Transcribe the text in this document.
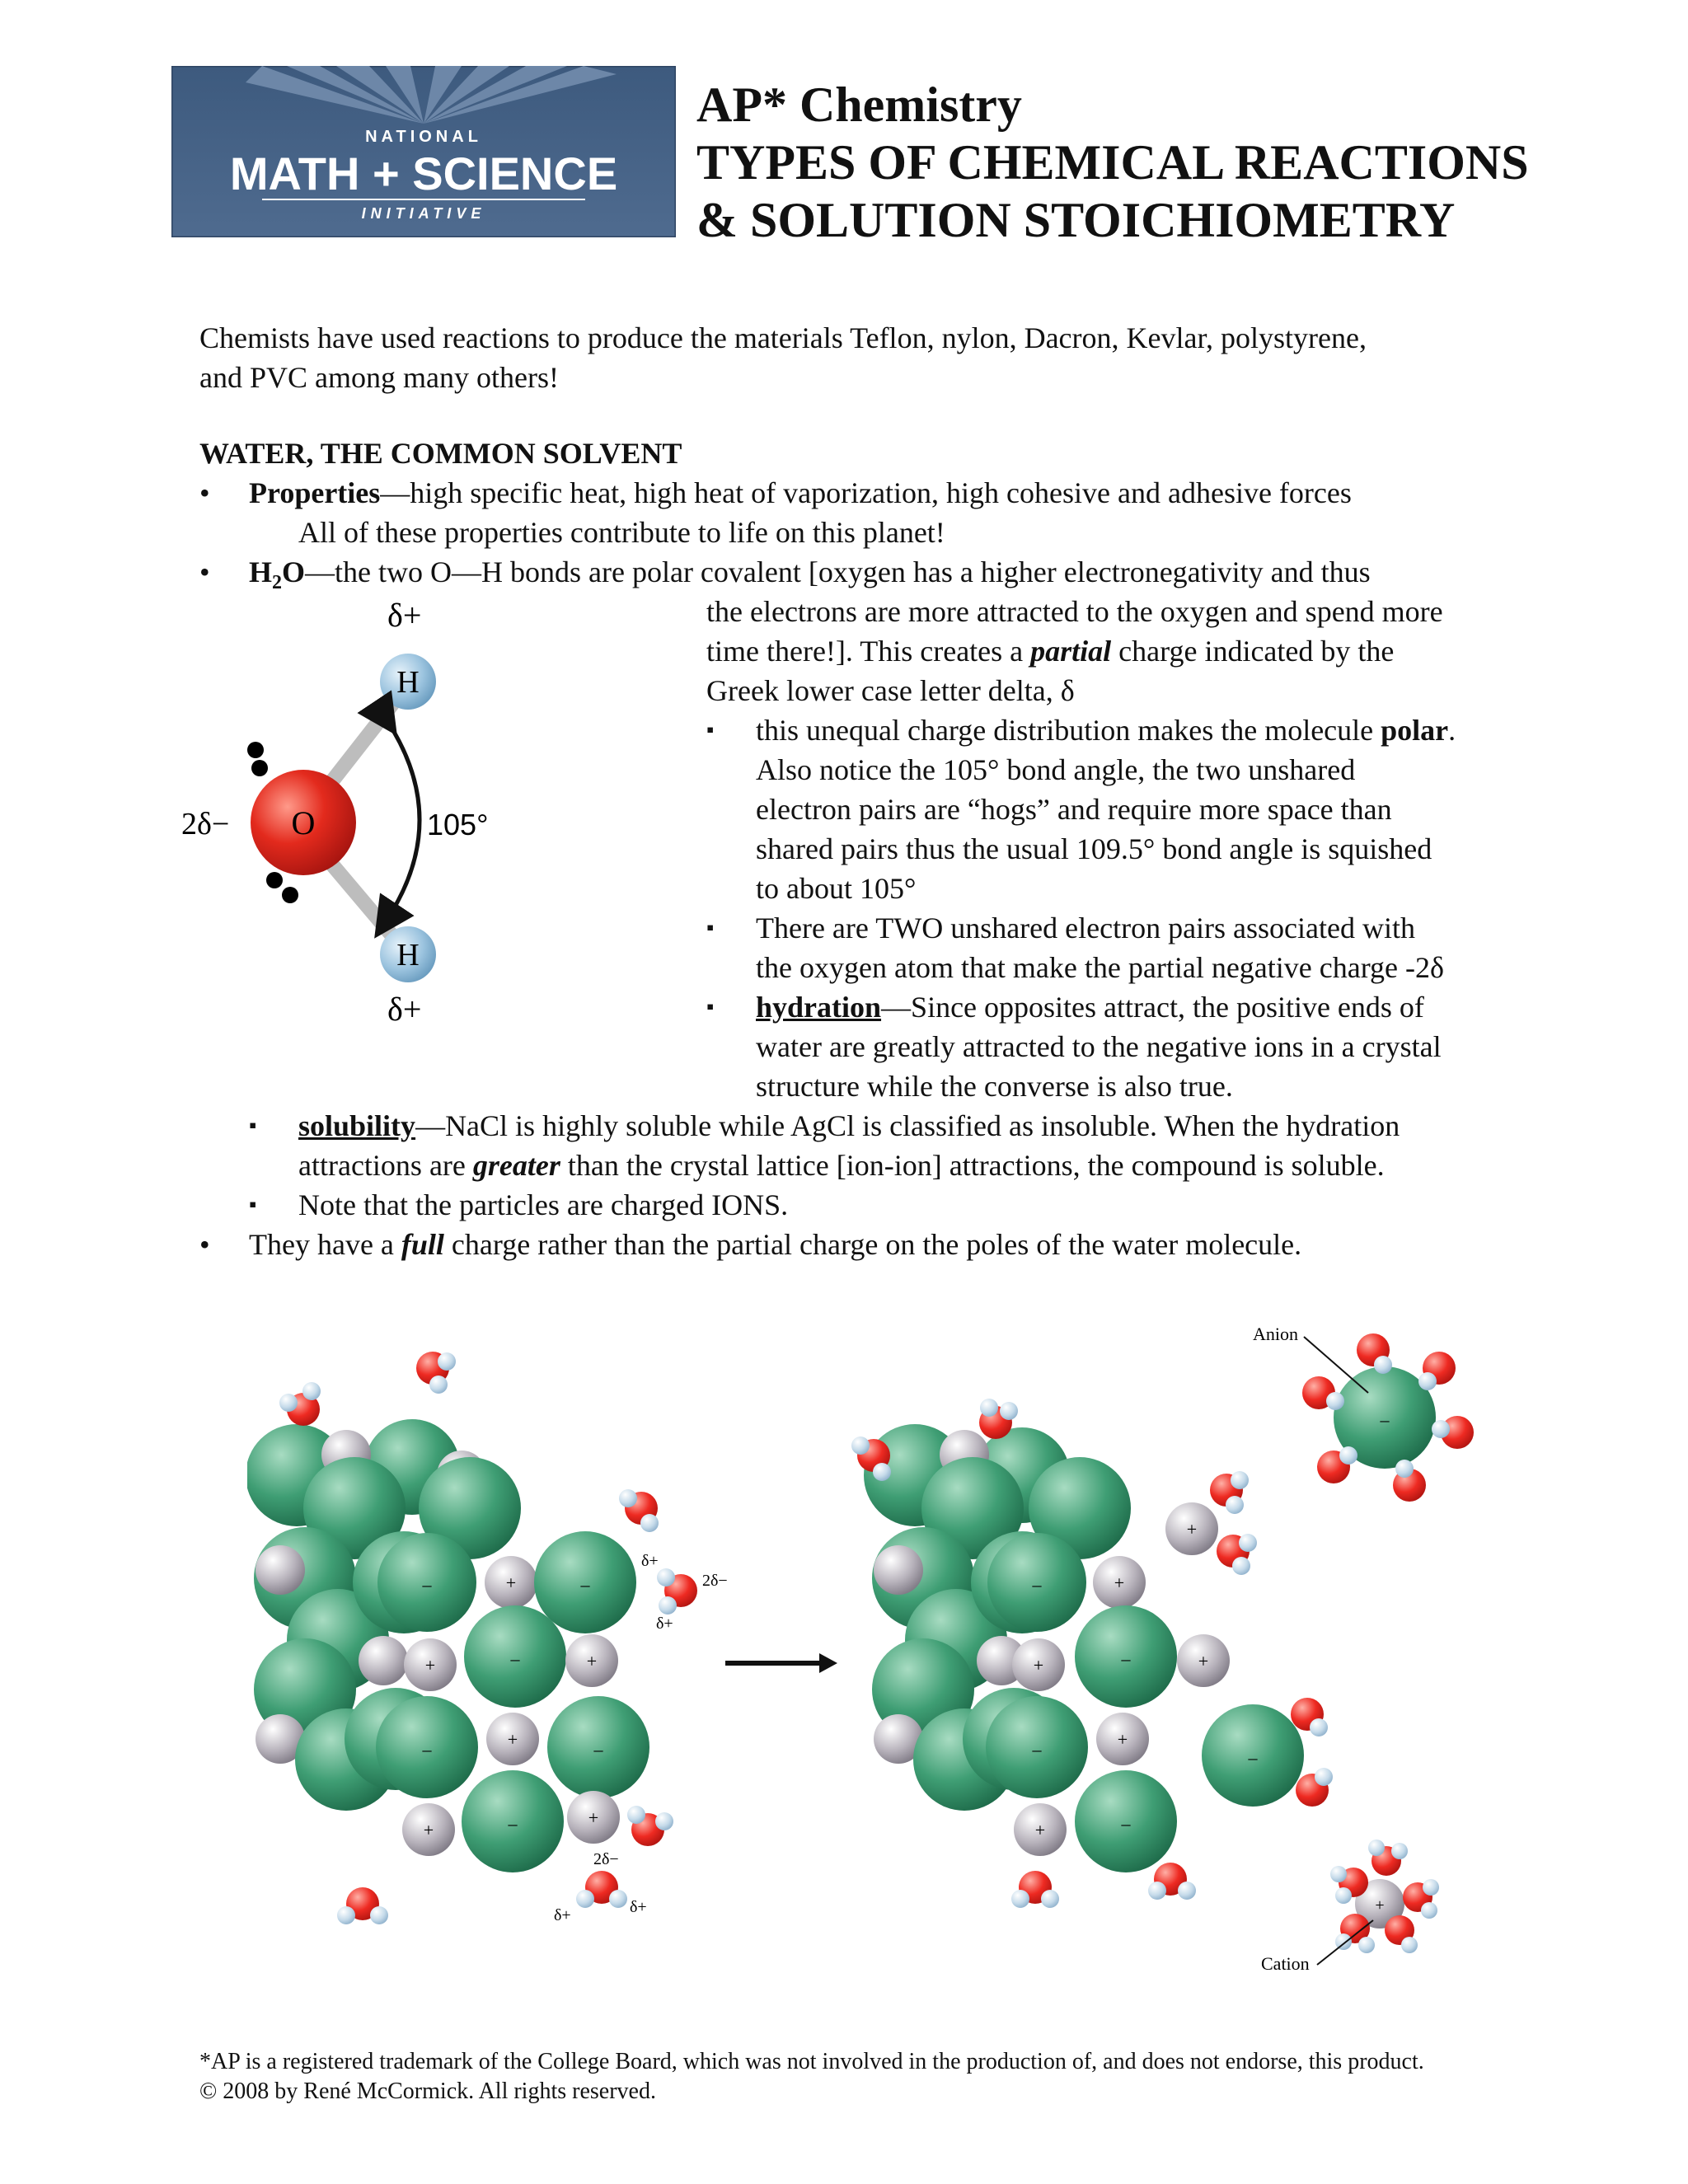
NATIONAL
MATH + SCIENCE
INITIATIVE
AP* Chemistry
TYPES OF CHEMICAL REACTIONS
& SOLUTION STOICHIOMETRY
Chemists have used reactions to produce the materials Teflon, nylon, Dacron, Kevlar, polystyrene,
and PVC among many others!
WATER, THE COMMON SOLVENT
• Properties—high specific heat, high heat of vaporization, high cohesive and adhesive forces
All of these properties contribute to life on this planet!
• $H_2O—the$ two O—H bonds are polar covalent [oxygen has a higher electronegativity and thus
the electrons are more attracted to the oxygen and spend more
time there!]. This creates a partial charge indicated by the
Greek lower case letter delta, δ
▪ this unequal charge distribution makes the molecule polar.
Also notice the 105° bond angle, the two unshared
electron pairs are “hogs” and require more space than
shared pairs thus the usual 109.5° bond angle is squished
to about 105°
▪ There are TWO unshared electron pairs associated with
the oxygen atom that make the partial negative charge -2δ
▪ hydration—Since opposites attract, the positive ends of
water are greatly attracted to the negative ions in a crystal
structure while the converse is also true.
▪ solubility—NaCl is highly soluble while AgCl is classified as insoluble. When the hydration
attractions are greater than the crystal lattice [ion-ion] attractions, the compound is soluble.
▪ Note that the particles are charged IONS.
• They have a full charge rather than the partial charge on the poles of the water molecule.
H
H
O	105°
δ+
δ+
2δ−
–	+	–
+	–	+
–	+	–
+	–	+
δ+
2δ−
δ+
2δ−
δ+	δ+
+
–	+
+	–	+
–	+
–
+	–
–
Anion
+
Cation
*AP is a registered trademark of the College Board, which was not involved in the production of, and does not endorse, this product.
© 2008 by René McCormick. All rights reserved.
